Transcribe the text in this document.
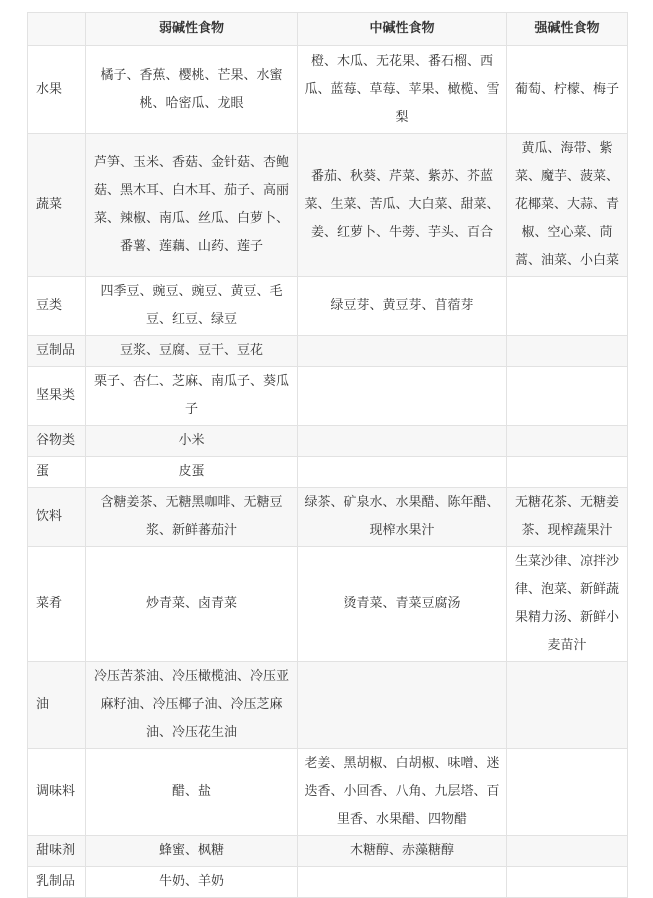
	弱碱性食物	中碱性食物	强碱性食物
水果	橘子、香蕉、樱桃、芒果、水蜜桃、哈密瓜、龙眼	橙、木瓜、无花果、番石榴、西瓜、蓝莓、草莓、苹果、橄榄、雪梨	葡萄、柠檬、梅子
蔬菜	芦笋、玉米、香菇、金针菇、杏鲍菇、黑木耳、白木耳、茄子、高丽菜、辣椒、南瓜、丝瓜、白萝卜、番薯、莲藕、山药、莲子	番茄、秋葵、芹菜、紫苏、芥蓝菜、生菜、苦瓜、大白菜、甜菜、姜、红萝卜、牛蒡、芋头、百合	黄瓜、海带、紫菜、魔芋、菠菜、花椰菜、大蒜、青椒、空心菜、茼蒿、油菜、小白菜
豆类	四季豆、豌豆、豌豆、黄豆、毛豆、红豆、绿豆	绿豆芽、黄豆芽、苜蓿芽	
豆制品	豆浆、豆腐、豆干、豆花		
坚果类	栗子、杏仁、芝麻、南瓜子、葵瓜子		
谷物类	小米		
蛋	皮蛋		
饮料	含糖姜茶、无糖黑咖啡、无糖豆浆、新鲜蕃茄汁	绿茶、矿泉水、水果醋、陈年醋、现榨水果汁	无糖花茶、无糖姜茶、现榨蔬果汁
菜肴	炒青菜、卤青菜	烫青菜、青菜豆腐汤	生菜沙律、凉拌沙律、泡菜、新鲜蔬果精力汤、新鲜小麦苗汁
油	冷压苦茶油、冷压橄榄油、冷压亚麻籽油、冷压椰子油、冷压芝麻油、冷压花生油		
调味料	醋、盐	老姜、黑胡椒、白胡椒、味噌、迷迭香、小回香、八角、九层塔、百里香、水果醋、四物醋	
甜味剂	蜂蜜、枫糖	木糖醇、赤藻糖醇	
乳制品	牛奶、羊奶		
